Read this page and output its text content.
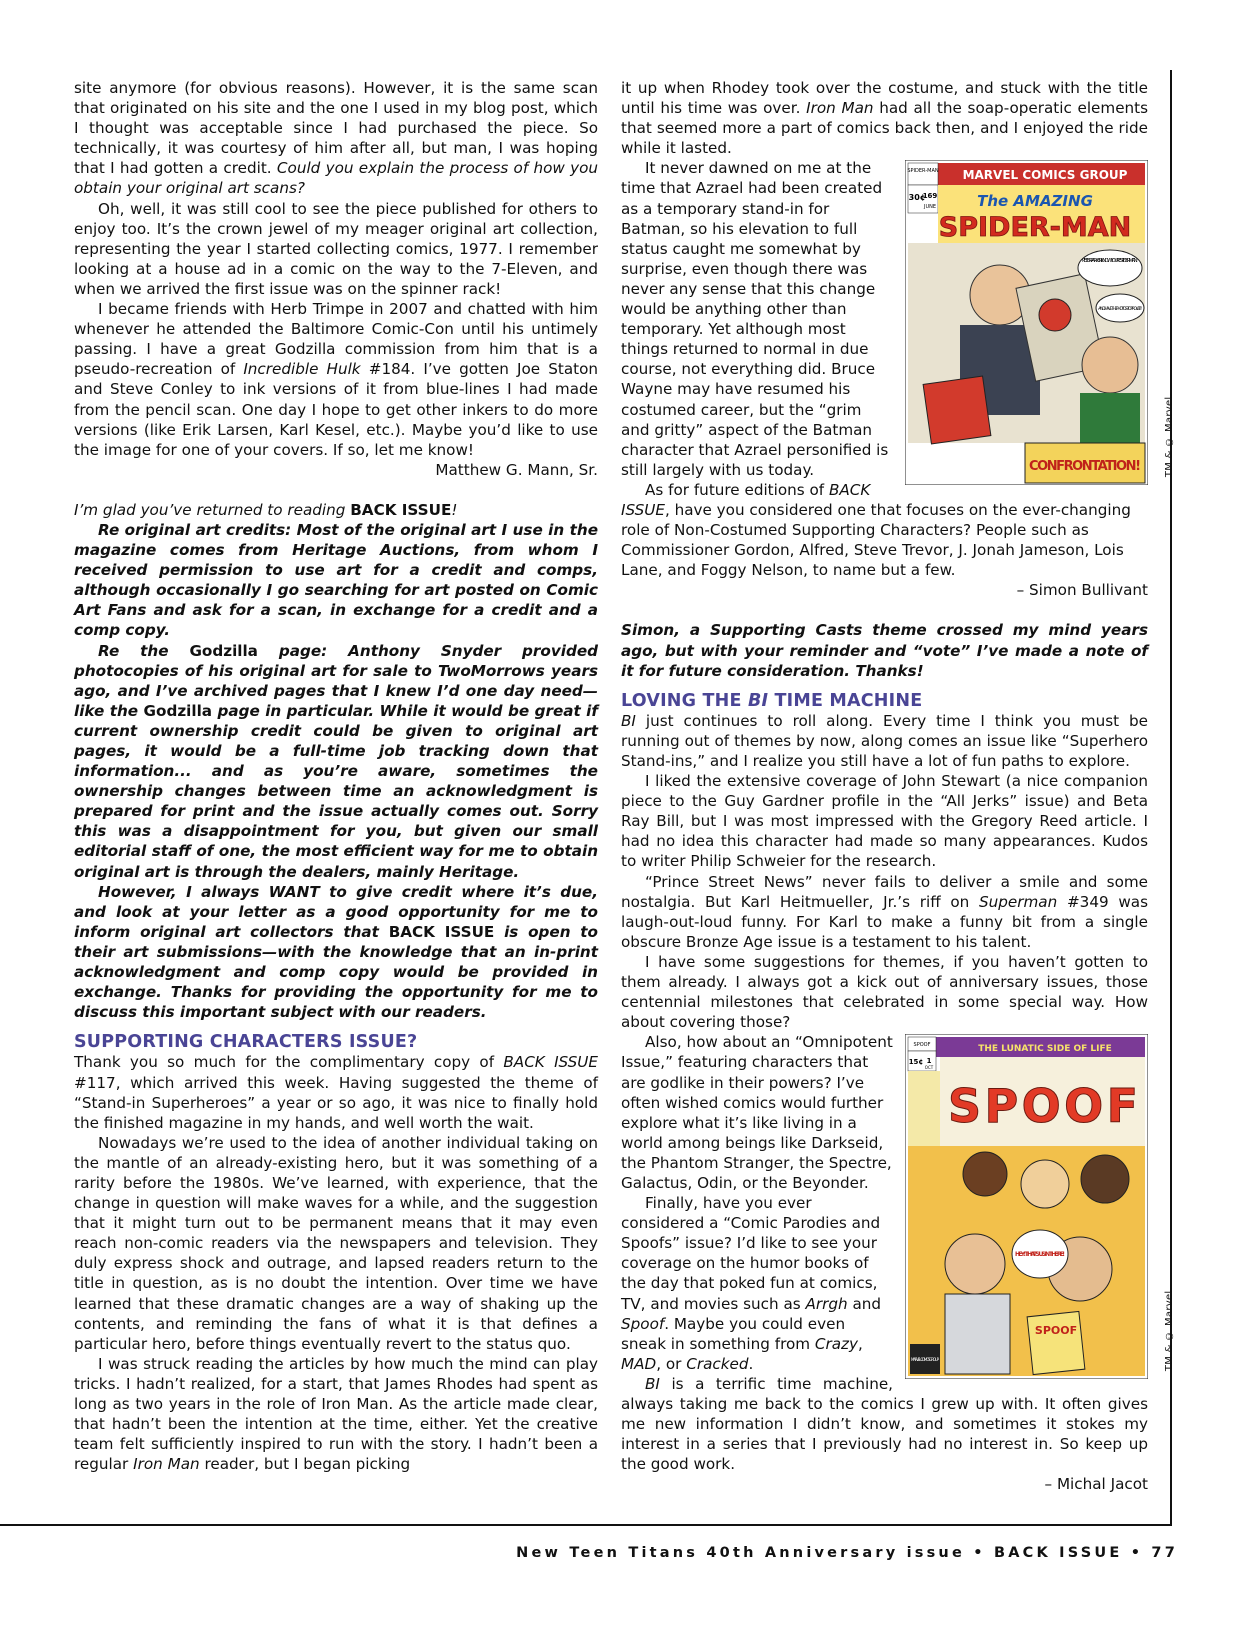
site anymore (for obvious reasons). However, it is the same scan that originated on his site and the one I used in my blog post, which I thought was acceptable since I had purchased the piece. So technically, it was courtesy of him after all, but man, I was hoping that I had gotten a credit. Could you explain the process of how you obtain your original art scans?

Oh, well, it was still cool to see the piece published for others to enjoy too. It’s the crown jewel of my meager original art collection, representing the year I started collecting comics, 1977. I remember looking at a house ad in a comic on the way to the 7-Eleven, and when we arrived the first issue was on the spinner rack!

I became friends with Herb Trimpe in 2007 and chatted with him whenever he attended the Baltimore Comic-Con until his untimely passing. I have a great Godzilla commission from him that is a pseudo-recreation of Incredible Hulk #184. I’ve gotten Joe Staton and Steve Conley to ink versions of it from blue-lines I had made from the pencil scan. One day I hope to get other inkers to do more versions (like Erik Larsen, Karl Kesel, etc.). Maybe you’d like to use the image for one of your covers. If so, let me know!

Matthew G. Mann, Sr.

I’m glad you’ve returned to reading BACK ISSUE!

Re original art credits: Most of the original art I use in the magazine comes from Heritage Auctions, from whom I received permission to use art for a credit and comps, although occasionally I go searching for art posted on Comic Art Fans and ask for a scan, in exchange for a credit and a comp copy.

Re the Godzilla page: Anthony Snyder provided photocopies of his original art for sale to TwoMorrows years ago, and I’ve archived pages that I knew I’d one day need—like the Godzilla page in particular. While it would be great if current ownership credit could be given to original art pages, it would be a full-time job tracking down that information... and as you’re aware, sometimes the ownership changes between time an acknowledgment is prepared for print and the issue actually comes out. Sorry this was a disappointment for you, but given our small editorial staff of one, the most efficient way for me to obtain original art is through the dealers, mainly Heritage.

However, I always WANT to give credit where it’s due, and look at your letter as a good opportunity for me to inform original art collectors that BACK ISSUE is open to their art submissions—with the knowledge that an in-print acknowledgment and comp copy would be provided in exchange. Thanks for providing the opportunity for me to discuss this important subject with our readers.

SUPPORTING CHARACTERS ISSUE?

Thank you so much for the complimentary copy of BACK ISSUE #117, which arrived this week. Having suggested the theme of “Stand-in Superheroes” a year or so ago, it was nice to finally hold the finished magazine in my hands, and well worth the wait.

Nowadays we’re used to the idea of another individual taking on the mantle of an already-existing hero, but it was something of a rarity before the 1980s. We’ve learned, with experience, that the change in question will make waves for a while, and the suggestion that it might turn out to be permanent means that it may even reach non-comic readers via the newspapers and television. They duly express shock and outrage, and lapsed readers return to the title in question, as is no doubt the intention. Over time we have learned that these dramatic changes are a way of shaking up the contents, and reminding the fans of what it is that defines a particular hero, before things eventually revert to the status quo.

I was struck reading the articles by how much the mind can play tricks. I hadn’t realized, for a start, that James Rhodes had spent as long as two years in the role of Iron Man. As the article made clear, that hadn’t been the intention at the time, either. Yet the creative team felt sufficiently inspired to run with the story. I hadn’t been a regular Iron Man reader, but I began picking

it up when Rhodey took over the costume, and stuck with the title until his time was over. Iron Man had all the soap-operatic elements that seemed more a part of comics back then, and I enjoyed the ride while it lasted.

MARVEL COMICS GROUP
SPIDER-MAN
30¢
169
JUNE	The AMAZING
SPIDER-MAN
PETER PARKER I KNOW YOU'RE SPIDER-MAN!
--AND I HAVE THE PHOTOS TO PROVE IT!
CONFRONTATION!	TM & © Marvel.

It never dawned on me at the time that Azrael had been created as a temporary stand-in for Batman, so his elevation to full status caught me somewhat by surprise, even though there was never any sense that this change would be anything other than temporary. Yet although most things returned to normal in due course, not everything did. Bruce Wayne may have resumed his costumed career, but the “grim and gritty” aspect of the Batman character that Azrael personified is still largely with us today.

As for future editions of BACK ISSUE, have you considered one that focuses on the ever-changing role of Non-Costumed Supporting Characters? People such as Commissioner Gordon, Alfred, Steve Trevor, J. Jonah Jameson, Lois Lane, and Foggy Nelson, to name but a few.

– Simon Bullivant

Simon, a Supporting Casts theme crossed my mind years ago, but with your reminder and “vote” I’ve made a note of it for future consideration. Thanks!

LOVING THE BI TIME MACHINE

BI just continues to roll along. Every time I think you must be running out of themes by now, along comes an issue like “Superhero Stand-ins,” and I realize you still have a lot of fun paths to explore.

I liked the extensive coverage of John Stewart (a nice companion piece to the Guy Gardner profile in the “All Jerks” issue) and Beta Ray Bill, but I was most impressed with the Gregory Reed article. I had no idea this character had made so many appearances. Kudos to writer Philip Schweier for the research.

“Prince Street News” never fails to deliver a smile and some nostalgia. But Karl Heitmueller, Jr.’s riff on Superman #349 was laugh-out-loud funny. For Karl to make a funny bit from a single obscure Bronze Age issue is a testament to his talent.

I have some suggestions for themes, if you haven’t gotten to them already. I always got a kick out of anniversary issues, those centennial milestones that celebrated in some special way. How about covering those?

THE LUNATIC SIDE OF LIFE
SPOOF
15¢ 1
OCT
SPOOF
HEY! THAT'S US IN THERE!
SPOOF
MARVEL COMICS GROUP	TM & © Marvel.

Also, how about an “Omnipotent Issue,” featuring characters that are godlike in their powers? I’ve often wished comics would further explore what it’s like living in a world among beings like Darkseid, the Phantom Stranger, the Spectre, Galactus, Odin, or the Beyonder.

Finally, have you ever considered a “Comic Parodies and Spoofs” issue? I’d like to see your coverage on the humor books of the day that poked fun at comics, TV, and movies such as Arrgh and Spoof. Maybe you could even sneak in something from Crazy, MAD, or Cracked.

BI is a terrific time machine, always taking me back to the comics I grew up with. It often gives me new information I didn’t know, and sometimes it stokes my interest in a series that I previously had no interest in. So keep up the good work.

– Michal Jacot

New Teen Titans 40th Anniversary issue • BACK ISSUE • 77
